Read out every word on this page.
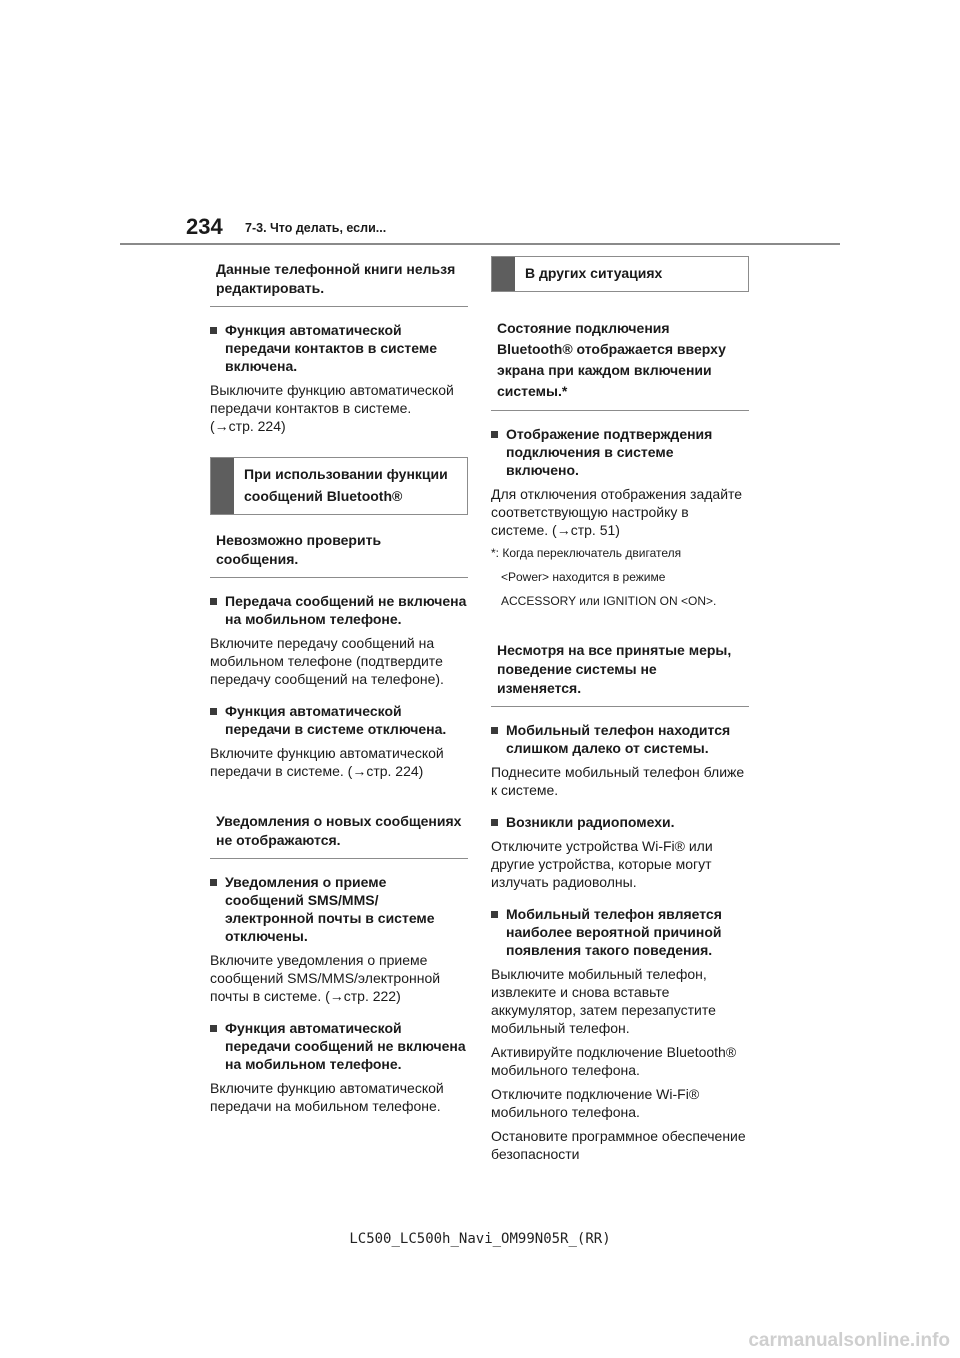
234 7-3. Что делать, если...
Данные телефонной книги нельзя редактировать.
Функция автоматической передачи контактов в системе включена.
Выключите функцию автоматической передачи контактов в системе.
(→стр. 224)
При использовании функции сообщений Bluetooth®
Невозможно проверить сообщения.
Передача сообщений не включена на мобильном телефоне.
Включите передачу сообщений на мобильном телефоне (подтвердите передачу сообщений на телефоне).
Функция автоматической передачи в системе отключена.
Включите функцию автоматической передачи в системе. (→стр. 224)
Уведомления о новых сообщениях не отображаются.
Уведомления о приеме сообщений SMS/MMS/ электронной почты в системе отключены.
Включите уведомления о приеме сообщений SMS/MMS/электронной почты в системе. (→стр. 222)
Функция автоматической передачи сообщений не включена на мобильном телефоне.
Включите функцию автоматической передачи на мобильном телефоне.
В других ситуациях
Состояние подключения Bluetooth® отображается вверху экрана при каждом включении системы.*
Отображение подтверждения подключения в системе включено.
Для отключения отображения задайте соответствующую настройку в системе. (→стр. 51)
*: Когда переключатель двигателя
<Power> находится в режиме
ACCESSORY или IGNITION ON <ON>.
Несмотря на все принятые меры, поведение системы не изменяется.
Мобильный телефон находится слишком далеко от системы.
Поднесите мобильный телефон ближе к системе.
Возникли радиопомехи.
Отключите устройства Wi-Fi® или другие устройства, которые могут излучать радиоволны.
Мобильный телефон является наиболее вероятной причиной появления такого поведения.
Выключите мобильный телефон, извлеките и снова вставьте аккумулятор, затем перезапустите мобильный телефон.
Активируйте подключение Bluetooth® мобильного телефона.
Отключите подключение Wi-Fi® мобильного телефона.
Остановите программное обеспечение безопасности
LC500_LC500h_Navi_OM99N05R_(RR)
carmanualsonline.info
